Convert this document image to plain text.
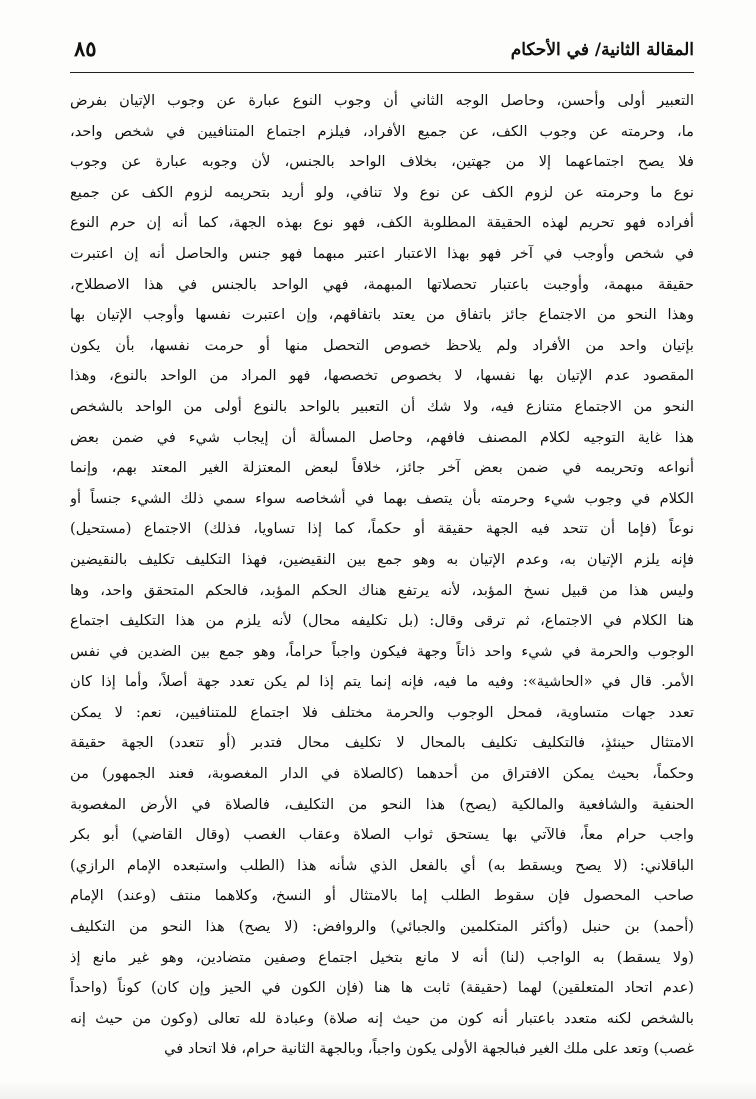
٨٥	المقالة الثانية/ في الأحكام
التعبير أولى وأحسن، وحاصل الوجه الثاني أن وجوب النوع عبارة عن وجوب الإتيان بفرض
ما، وحرمته عن وجوب الكف، عن جميع الأفراد، فيلزم اجتماع المتنافيين في شخص واحد،
فلا يصح اجتماعهما إلا من جهتين، بخلاف الواحد بالجنس، لأن وجوبه عبارة عن وجوب
نوع ما وحرمته عن لزوم الكف عن نوع ولا تنافي، ولو أريد بتحريمه لزوم الكف عن جميع
أفراده فهو تحريم لهذه الحقيقة المطلوبة الكف، فهو نوع بهذه الجهة، كما أنه إن حرم النوع
في شخص وأوجب في آخر فهو بهذا الاعتبار اعتبر مبهما فهو جنس والحاصل أنه إن اعتبرت
حقيقة مبهمة، وأوجبت باعتبار تحصلاتها المبهمة، فهي الواحد بالجنس في هذا الاصطلاح،
وهذا النحو من الاجتماع جائز باتفاق من يعتد باتفاقهم، وإن اعتبرت نفسها وأوجب الإتيان بها
بإتيان واحد من الأفراد ولم يلاحظ خصوص التحصل منها أو حرمت نفسها، بأن يكون
المقصود عدم الإتيان بها نفسها، لا بخصوص تخصصها، فهو المراد من الواحد بالنوع، وهذا
النحو من الاجتماع متنازع فيه، ولا شك أن التعبير بالواحد بالنوع أولى من الواحد بالشخص
هذا غاية التوجيه لكلام المصنف فافهم، وحاصل المسألة أن إيجاب شيء في ضمن بعض
أنواعه وتحريمه في ضمن بعض آخر جائز، خلافاً لبعض المعتزلة الغير المعتد بهم، وإنما
الكلام في وجوب شيء وحرمته بأن يتصف بهما في أشخاصه سواء سمي ذلك الشيء جنساً أو
نوعاً (فإما أن تتحد فيه الجهة حقيقة أو حكماً، كما إذا تساويا، فذلك) الاجتماع (مستحيل)
فإنه يلزم الإتيان به، وعدم الإتيان به وهو جمع بين النقيضين، فهذا التكليف تكليف بالنقيضين
وليس هذا من قبيل نسخ المؤبد، لأنه يرتفع هناك الحكم المؤبد، فالحكم المتحقق واحد، وها
هنا الكلام في الاجتماع، ثم ترقى وقال: (بل تكليفه محال) لأنه يلزم من هذا التكليف اجتماع
الوجوب والحرمة في شيء واحد ذاتاً وجهة فيكون واجباً حراماً، وهو جمع بين الضدين في نفس
الأمر. قال في «الحاشية»: وفيه ما فيه، فإنه إنما يتم إذا لم يكن تعدد جهة أصلاً، وأما إذا كان
تعدد جهات متساوية، فمحل الوجوب والحرمة مختلف فلا اجتماع للمتنافيين، نعم: لا يمكن
الامتثال حينئذٍ، فالتكليف تكليف بالمحال لا تكليف محال فتدبر (أو تتعدد) الجهة حقيقة
وحكماً، بحيث يمكن الافتراق من أحدهما (كالصلاة في الدار المغصوبة، فعند الجمهور) من
الحنفية والشافعية والمالكية (يصح) هذا النحو من التكليف، فالصلاة في الأرض المغصوبة
واجب حرام معاً، فالآتي بها يستحق ثواب الصلاة وعقاب الغصب (وقال القاضي) أبو بكر
الباقلاني: (لا يصح ويسقط به) أي بالفعل الذي شأنه هذا (الطلب واستبعده الإمام الرازي)
صاحب المحصول فإن سقوط الطلب إما بالامتثال أو النسخ، وكلاهما منتف (وعند) الإمام
(أحمد) بن حنبل (وأكثر المتكلمين والجبائي) والروافض: (لا يصح) هذا النحو من التكليف
(ولا يسقط) به الواجب (لنا) أنه لا مانع بتخيل اجتماع وصفين متضادين، وهو غير مانع إذ
(عدم اتحاد المتعلقين) لهما (حقيقة) ثابت ها هنا (فإن الكون في الحيز وإن كان) كوناً (واحداً
بالشخص لكنه متعدد باعتبار أنه كون من حيث إنه صلاة) وعبادة لله تعالى (وكون من حيث إنه
غصب) وتعد على ملك الغير فبالجهة الأولى يكون واجباً، وبالجهة الثانية حرام، فلا اتحاد في
